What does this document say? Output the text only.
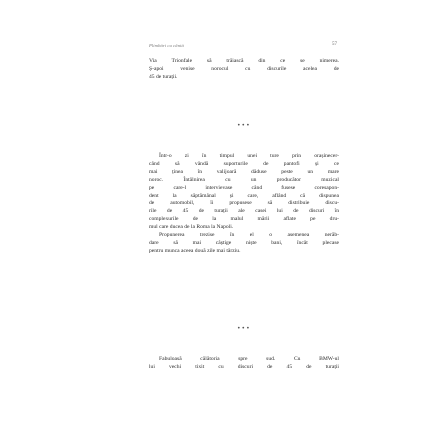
Plimbări cu cântă	57

Via Trionfale să trăiască din ce se nimerea.
Ș-apoi venise norocul cu discurile acelea de
45 de turații.

•••

Într-o zi în timpul unei ture prin orașinecer-
când să vândă suporturile de pantofi și ce
mai ținea în valijoară dăduse peste un mare
noroc. Întâlnirea cu un producător muzical
pe care-l intervievase când fusese coresapon-
dent la săptămânal și care, aflând că dispunea
de automobil, îi propusese să distribuie discu-
rile de 45 de turații ale casei lui de discuri în
complexurile de la malul mării aflate pe dru-
mul care ducea de la Roma la Napoli.
Propunerea trezise în el o asemenea nerăb-
dare să mai câștige niște bani, încât plecase
pentru munca aceea două zile mai târziu.

•••

Fabuloasă călătoria spre sud. Cu BMW-ul
lui vechi tixit cu discuri de 45 de turații
